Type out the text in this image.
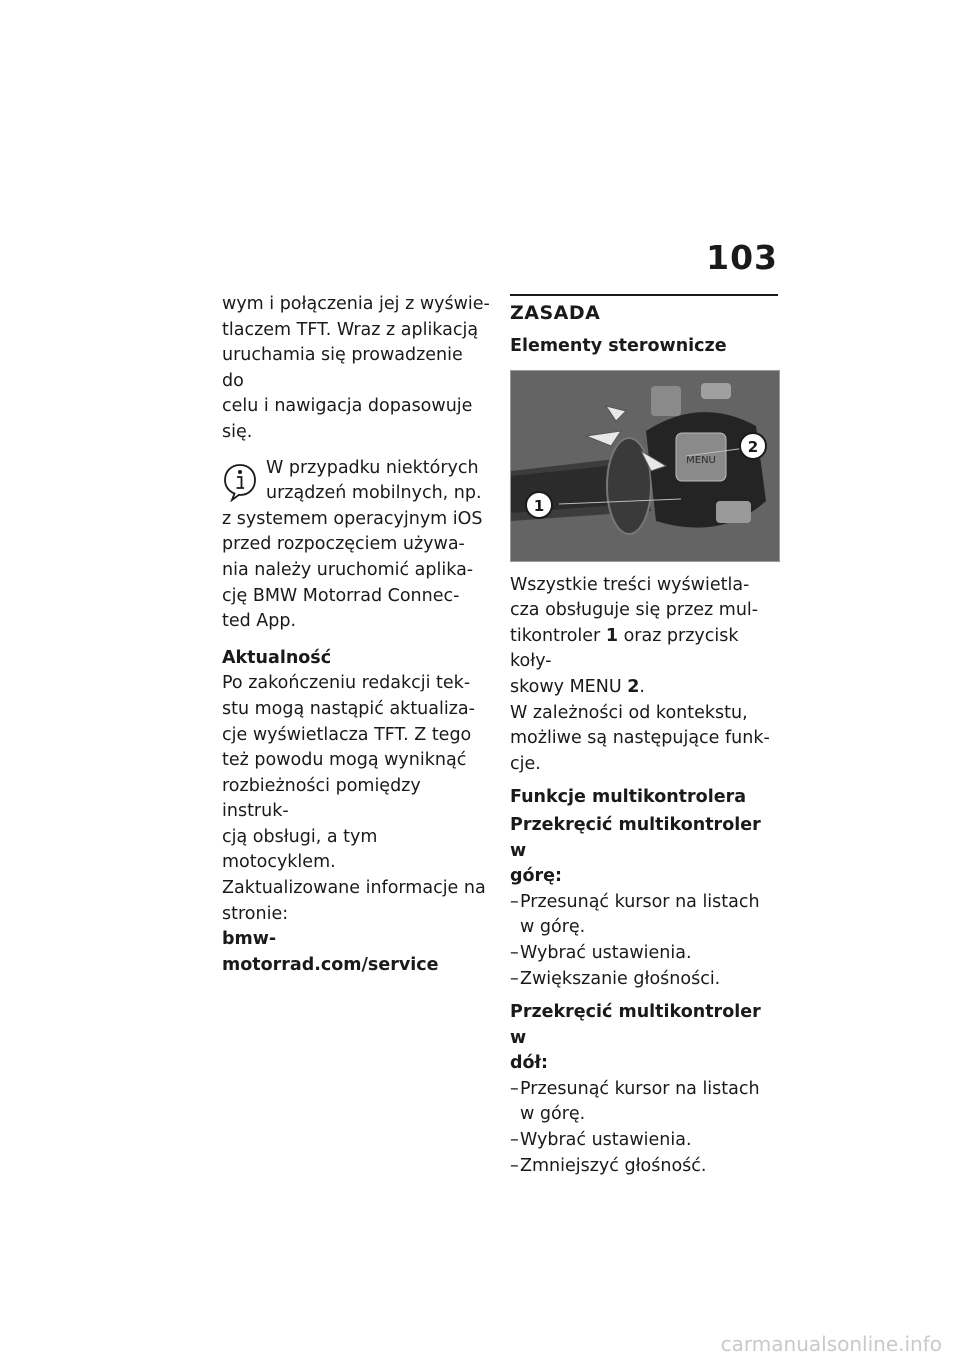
103

wym i połączenia jej z wyświe-
tlaczem TFT. Wraz z aplikacją
uruchamia się prowadzenie do
celu i nawigacja dopasowuje
się.

W przypadku niektórych
urządzeń mobilnych, np.
z systemem operacyjnym iOS
przed rozpoczęciem używa-
nia należy uruchomić aplika-
cję BMW Motorrad Connec-
ted App.

Aktualność

Po zakończeniu redakcji tek-
stu mogą nastąpić aktualiza-
cje wyświetlacza TFT. Z tego
też powodu mogą wyniknąć
rozbieżności pomiędzy instruk-
cją obsługi, a tym motocyklem.
Zaktualizowane informacje na
stronie:

bmw-motorrad.com/service

ZASADA

Elementy sterownicze

MENU
1
2

Wszystkie treści wyświetla-
cza obsługuje się przez mul-
tikontroler 1 oraz przycisk koły-
skowy MENU 2.
W zależności od kontekstu,
możliwe są następujące funk-
cje.

Funkcje multikontrolera

Przekręcić multikontroler w
górę:

– Przesunąć kursor na listach w górę.
– Wybrać ustawienia.
– Zwiększanie głośności.

Przekręcić multikontroler w
dół:

– Przesunąć kursor na listach w górę.
– Wybrać ustawienia.
– Zmniejszyć głośność.
carmanualsonline.info
